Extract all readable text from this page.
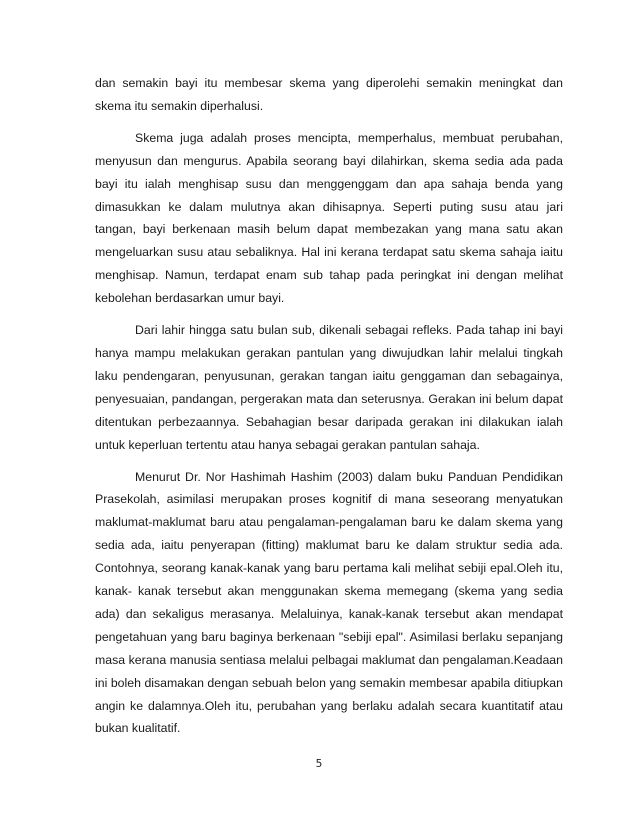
dan semakin bayi itu membesar skema yang diperolehi semakin meningkat dan skema itu semakin diperhalusi.

Skema juga adalah proses mencipta, memperhalus, membuat perubahan, menyusun dan mengurus. Apabila seorang bayi dilahirkan, skema sedia ada pada bayi itu ialah menghisap susu dan menggenggam dan apa sahaja benda yang dimasukkan ke dalam mulutnya akan dihisapnya. Seperti puting susu atau jari tangan, bayi berkenaan masih belum dapat membezakan yang mana satu akan mengeluarkan susu atau sebaliknya. Hal ini kerana terdapat satu skema sahaja iaitu menghisap. Namun, terdapat enam sub tahap pada peringkat ini dengan melihat kebolehan berdasarkan umur bayi.

Dari lahir hingga satu bulan sub, dikenali sebagai refleks. Pada tahap ini bayi hanya mampu melakukan gerakan pantulan yang diwujudkan lahir melalui tingkah laku pendengaran, penyusunan, gerakan tangan iaitu genggaman dan sebagainya, penyesuaian, pandangan, pergerakan mata dan seterusnya. Gerakan ini belum dapat ditentukan perbezaannya. Sebahagian besar daripada gerakan ini dilakukan ialah untuk keperluan tertentu atau hanya sebagai gerakan pantulan sahaja.

Menurut Dr. Nor Hashimah Hashim (2003) dalam buku Panduan Pendidikan Prasekolah, asimilasi merupakan proses kognitif di mana seseorang menyatukan maklumat-maklumat baru atau pengalaman-pengalaman baru ke dalam skema yang sedia ada, iaitu penyerapan (fitting) maklumat baru ke dalam struktur sedia ada. Contohnya, seorang kanak-kanak yang baru pertama kali melihat sebiji epal.Oleh itu, kanak- kanak tersebut akan menggunakan skema memegang (skema yang sedia ada) dan sekaligus merasanya. Melaluinya, kanak-kanak tersebut akan mendapat pengetahuan yang baru baginya berkenaan "sebiji epal". Asimilasi berlaku sepanjang masa kerana manusia sentiasa melalui pelbagai maklumat dan pengalaman.Keadaan ini boleh disamakan dengan sebuah belon yang semakin membesar apabila ditiupkan angin ke dalamnya.Oleh itu, perubahan yang berlaku adalah secara kuantitatif atau bukan kualitatif.

5
